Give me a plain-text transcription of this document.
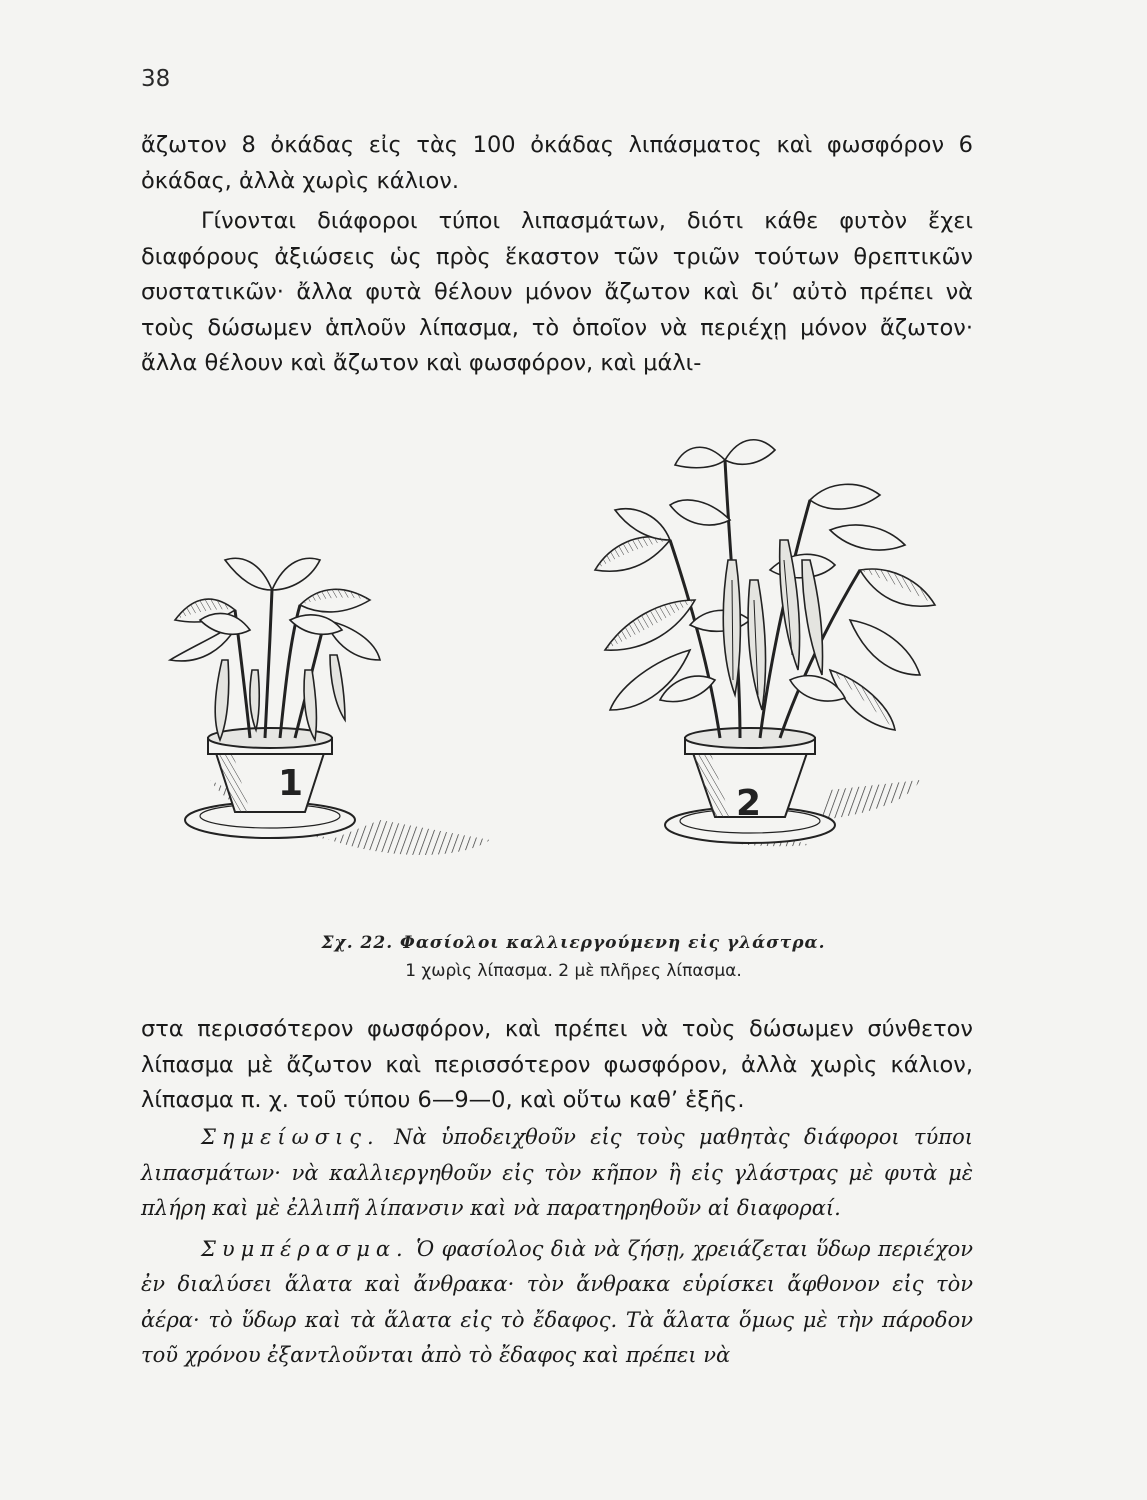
38

ἄζωτον 8 ὀκάδας εἰς τὰς 100 ὀκάδας λιπάσματος καὶ φωσφόρον 6 ὀκάδας, ἀλλὰ χωρὶς κάλιον.

Γίνονται διάφοροι τύποι λιπασμάτων, διότι κάθε φυτὸν ἔχει διαφόρους ἀξιώσεις ὡς πρὸς ἕκαστον τῶν τριῶν τούτων θρεπτικῶν συστατικῶν· ἄλλα φυτὰ θέλουν μόνον ἄζωτον καὶ δι’ αὐτὸ πρέπει νὰ τοὺς δώσωμεν ἁπλοῦν λίπασμα, τὸ ὁποῖον νὰ περιέχῃ μόνον ἄζωτον· ἄλλα θέλουν καὶ ἄζωτον καὶ φωσφόρον, καὶ μάλι-

1	2
Σχ. 22. Φασίολοι καλλιεργούμενη εἰς γλάστρα.
1 χωρὶς λίπασμα. 2 μὲ πλῆρες λίπασμα.

στα περισσότερον φωσφόρον, καὶ πρέπει νὰ τοὺς δώσωμεν σύνθετον λίπασμα μὲ ἄζωτον καὶ περισσότερον φωσφόρον, ἀλλὰ χωρὶς κάλιον, λίπασμα π. χ. τοῦ τύπου 6—9—0, καὶ οὕτω καθ’ ἑξῆς.

Σημείωσις. Νὰ ὑποδειχθοῦν εἰς τοὺς μαθητὰς διάφοροι τύποι λιπασμάτων· νὰ καλλιεργηθοῦν εἰς τὸν κῆπον ἢ εἰς γλάστρας μὲ φυτὰ μὲ πλήρη καὶ μὲ ἐλλιπῆ λίπανσιν καὶ νὰ παρατηρηθοῦν αἱ διαφοραί.

Συμπέρασμα. Ὁ φασίολος διὰ νὰ ζήσῃ, χρειάζεται ὕδωρ περιέχον ἐν διαλύσει ἅλατα καὶ ἄνθρακα· τὸν ἄνθρακα εὑρίσκει ἄφθονον εἰς τὸν ἀέρα· τὸ ὕδωρ καὶ τὰ ἅλατα εἰς τὸ ἔδαφος. Τὰ ἅλατα ὅμως μὲ τὴν πάροδον τοῦ χρόνου ἐξαντλοῦνται ἀπὸ τὸ ἔδαφος καὶ πρέπει νὰ
